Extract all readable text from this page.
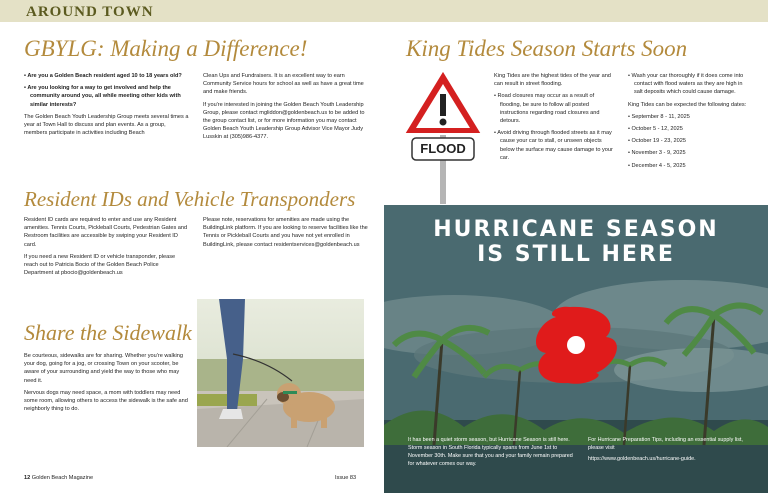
AROUND TOWN
GBYLG: Making a Difference!

• Are you a Golden Beach resident aged 10 to 18 years old?

• Are you looking for a way to get involved and help the community around you, all while meeting other kids with similar interests?

The Golden Beach Youth Leadership Group meets several times a year at Town Hall to discuss and plan events. As a group, members participate in activities including Beach

Clean Ups and Fundraisers. It is an excellent way to earn Community Service hours for school as well as have a great time and make friends.

If you're interested in joining the Golden Beach Youth Leadership Group, please contact mgliddon@goldenbeach.us to be added to the group contact list, or for more information you may contact Golden Beach Youth Leadership Group Advisor Vice Mayor Judy Lusskin at (305)986-4377.

Resident IDs and Vehicle Transponders

Resident ID cards are required to enter and use any Resident amenities. Tennis Courts, Pickleball Courts, Pedestrian Gates and Restroom facilities are accessible by swiping your Resident ID card.

If you need a new Resident ID or vehicle transponder, please reach out to Patricia Bocio of the Golden Beach Police Department at pbocio@goldenbeach.us

Please note, reservations for amenities are made using the BuildingLink platform. If you are looking to reserve facilities like the Tennis or Pickleball Courts and you have not yet enrolled in BuildingLink, please contact residentservices@goldenbeach.us

Share the Sidewalk

Be courteous, sidewalks are for sharing. Whether you're walking your dog, going for a jog, or crossing Town on your scooter, be aware of your surrounding and yield the way to those who may need it.

Nervous dogs may need space, a mom with toddlers may need some room, allowing others to access the sidewalk is the safe and neighborly thing to do.

12 Golden Beach Magazine	Issue 83
King Tides Season Starts Soon
FLOOD

King Tides are the highest tides of the year and can result in street flooding.

• Road closures may occur as a result of flooding, be sure to follow all posted instructions regarding road closures and detours.

• Avoid driving through flooded streets as it may cause your car to stall, or unseen objects below the surface may cause damage to your car.

• Wash your car thoroughly if it does come into contact with flood waters as they are high in salt deposits which could cause damage.

King Tides can be expected the following dates:

• September 8 - 11, 2025

• October 5 - 12, 2025

• October 19 - 23, 2025

• November 3 - 9, 2025

• December 4 - 5, 2025

HURRICANE SEASON
IS STILL HERE

It has been a quiet storm season, but Hurricane Season is still here. Storm season in South Florida typically spans from June 1st to November 30th. Make sure that you and your family remain prepared for whatever comes our way.

For Hurricane Preparation Tips, including an essential supply list, please visit

https://www.goldenbeach.us/hurricane-guide.
